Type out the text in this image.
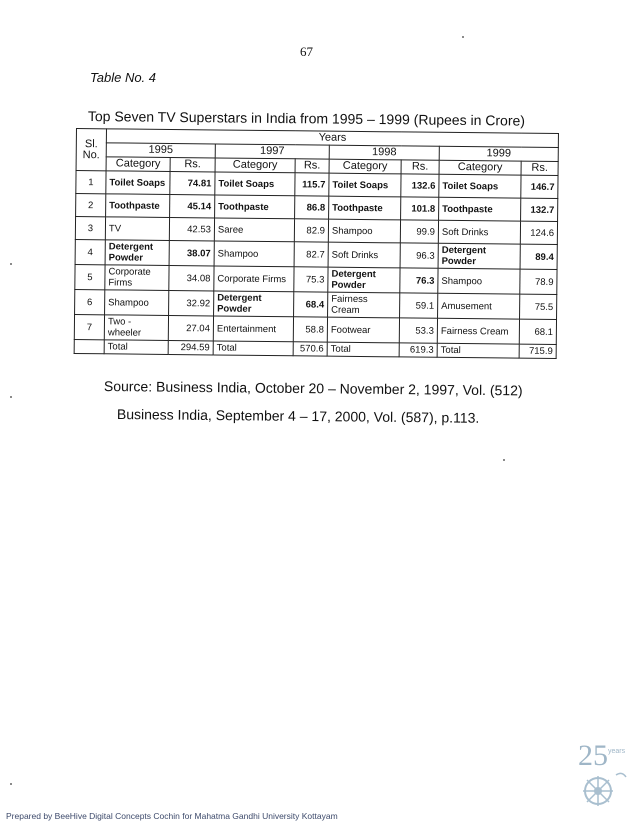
67
Table No. 4
Top Seven TV Superstars in India from 1995 – 1999 (Rupees in Crore)
Sl. No.	Years							
	1995		1997		1998		1999	
	Category	Rs.	Category	Rs.	Category	Rs.	Category	Rs.
1	Toilet Soaps	74.81	Toilet Soaps	115.7	Toilet Soaps	132.6	Toilet Soaps	146.7
2	Toothpaste	45.14	Toothpaste	86.8	Toothpaste	101.8	Toothpaste	132.7
3	TV	42.53	Saree	82.9	Shampoo	99.9	Soft Drinks	124.6
4	Detergent Powder	38.07	Shampoo	82.7	Soft Drinks	96.3	Detergent Powder	89.4
5	Corporate Firms	34.08	Corporate Firms	75.3	Detergent Powder	76.3	Shampoo	78.9
6	Shampoo	32.92	Detergent Powder	68.4	Fairness Cream	59.1	Amusement	75.5
7	Two - wheeler	27.04	Entertainment	58.8	Footwear	53.3	Fairness Cream	68.1
	Total	294.59	Total	570.6	Total	619.3	Total	715.9
Source: Business India, October 20 – November 2, 1997, Vol. (512)
Business India, September 4 – 17, 2000, Vol. (587), p.113.
25 years
Prepared by BeeHive Digital Concepts Cochin for Mahatma Gandhi University Kottayam
